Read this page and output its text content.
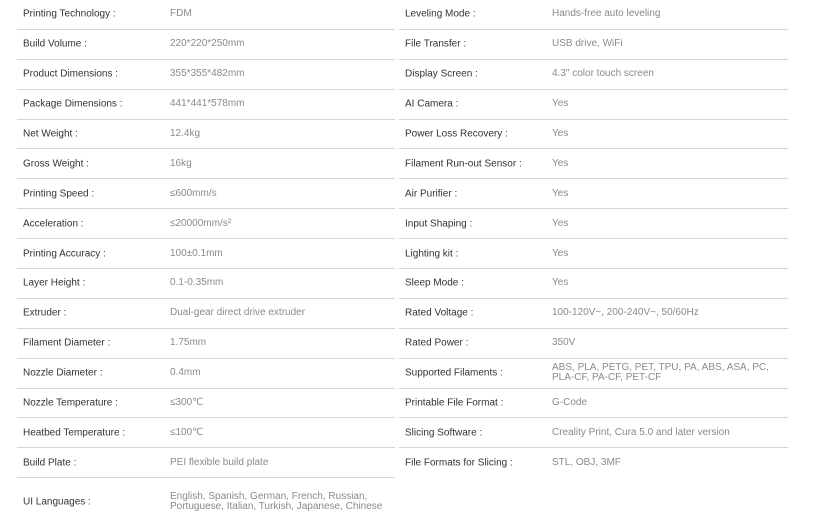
Printing Technology :	FDM
Build Volume :	220*220*250mm
Product Dimensions :	355*355*482mm
Package Dimensions :	441*441*578mm
Net Weight :	12.4kg
Gross Weight :	16kg
Printing Speed :	≤600mm/s
Acceleration :	≤20000mm/s²
Printing Accuracy :	100±0.1mm
Layer Height :	0.1-0.35mm
Extruder :	Dual-gear direct drive extruder
Filament Diameter :	1.75mm
Nozzle Diameter :	0.4mm
Nozzle Temperature :	≤300℃
Heatbed Temperature :	≤100℃
Build Plate :	PEI flexible build plate
UI Languages :	English, Spanish, German, French, Russian,
Portuguese, Italian, Turkish, Japanese, Chinese
Leveling Mode :	Hands-free auto leveling
File Transfer :	USB drive, WiFi
Display Screen :	4.3" color touch screen
AI Camera :	Yes
Power Loss Recovery :	Yes
Filament Run-out Sensor :	Yes
Air Purifier :	Yes
Input Shaping :	Yes
Lighting kit :	Yes
Sleep Mode :	Yes
Rated Voltage :	100-120V~, 200-240V~, 50/60Hz
Rated Power :	350V
Supported Filaments :	ABS, PLA, PETG, PET, TPU, PA, ABS, ASA, PC,
PLA-CF, PA-CF, PET-CF
Printable File Format :	G-Code
Slicing Software :	Creality Print, Cura 5.0 and later version
File Formats for Slicing :	STL, OBJ, 3MF
